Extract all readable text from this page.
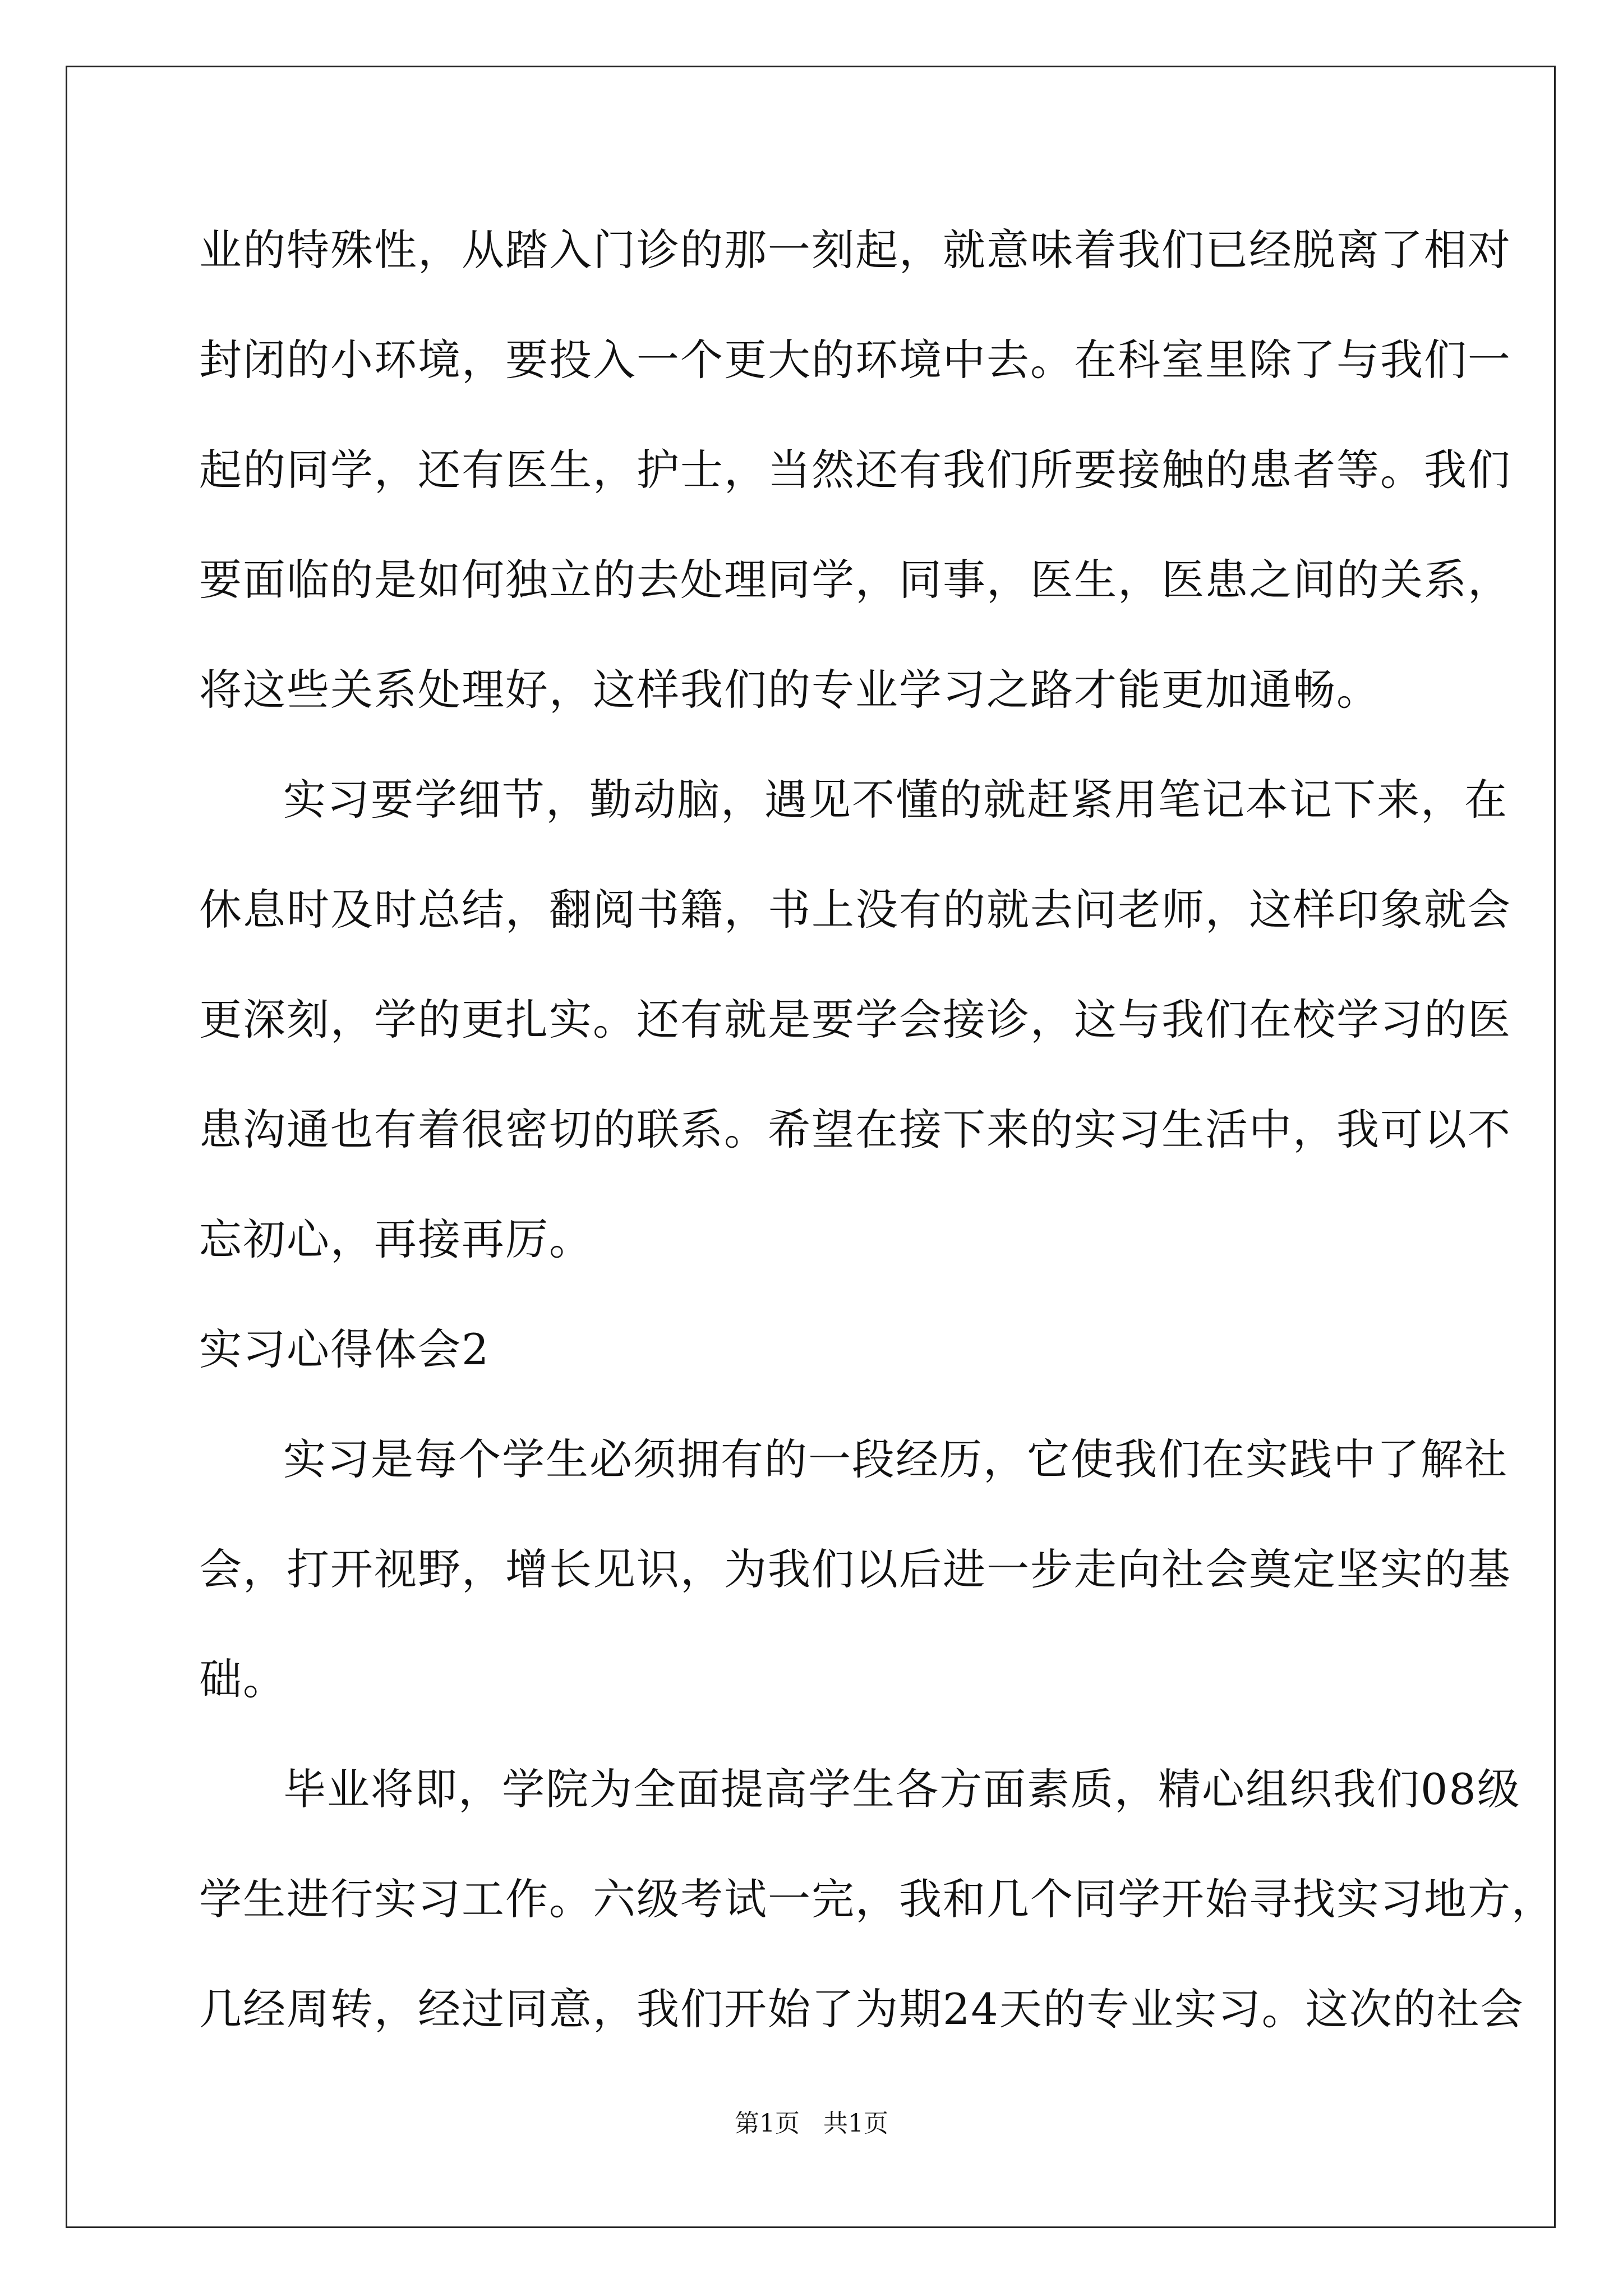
业的特殊性，从踏入门诊的那一刻起，就意味着我们已经脱离了相对
封闭的小环境，要投入一个更大的环境中去。在科室里除了与我们一
起的同学，还有医生，护士，当然还有我们所要接触的患者等。我们
要面临的是如何独立的去处理同学，同事，医生，医患之间的关系，
将这些关系处理好，这样我们的专业学习之路才能更加通畅。
实习要学细节，勤动脑，遇见不懂的就赶紧用笔记本记下来，在
休息时及时总结，翻阅书籍，书上没有的就去问老师，这样印象就会
更深刻，学的更扎实。还有就是要学会接诊，这与我们在校学习的医
患沟通也有着很密切的联系。希望在接下来的实习生活中，我可以不
忘初心，再接再厉。
实习心得体会2
实习是每个学生必须拥有的一段经历，它使我们在实践中了解社
会，打开视野，增长见识，为我们以后进一步走向社会奠定坚实的基
础。
毕业将即，学院为全面提高学生各方面素质，精心组织我们08级
学生进行实习工作。六级考试一完，我和几个同学开始寻找实习地方，
几经周转，经过同意，我们开始了为期24天的专业实习。这次的社会
第1页   共1页
